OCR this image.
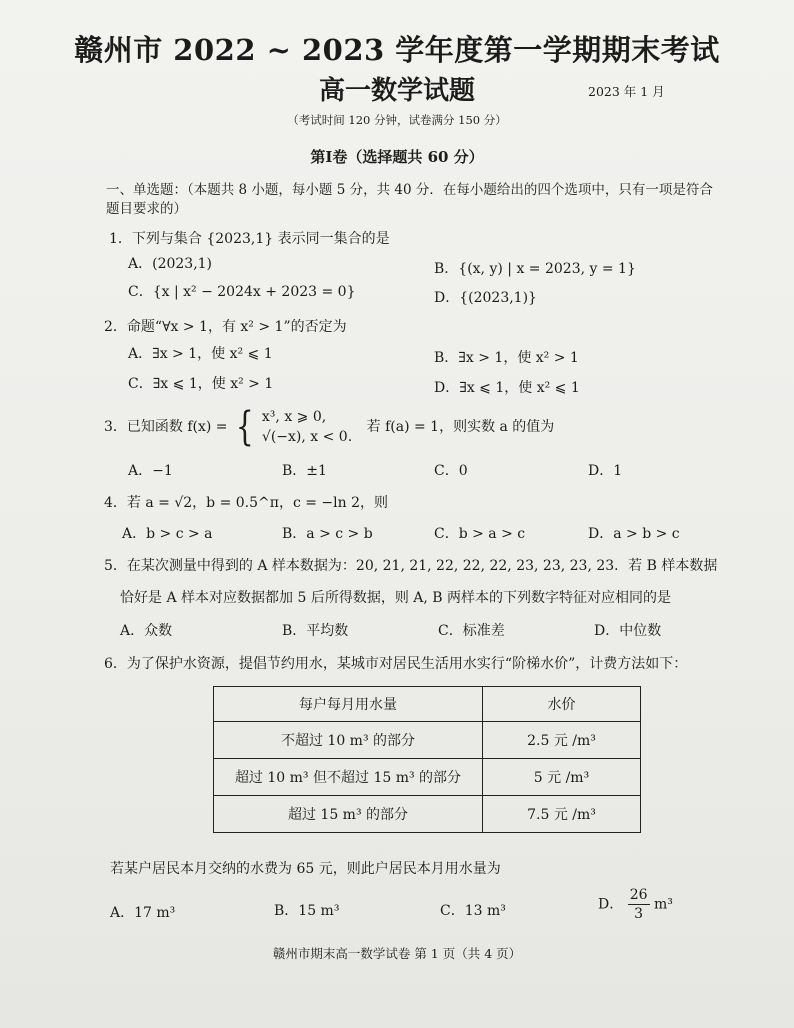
赣州市 2022 ~ 2023 学年度第一学期期末考试
高一数学试题	2023 年 1 月
（考试时间 120 分钟，试卷满分 150 分）
第Ⅰ卷（选择题共 60 分）
一、单选题：（本题共 8 小题，每小题 5 分，共 40 分．在每小题给出的四个选项中，只有一项是符合题目要求的）
1．下列与集合 {2023,1} 表示同一集合的是
A．(2023,1)	B．{(x, y) | x = 2023, y = 1}
C．{x | x² − 2024x + 2023 = 0}	D．{(2023,1)}
2．命题“∀x > 1，有 x² > 1”的否定为
A．∃x > 1，使 x² ⩽ 1	B．∃x > 1，使 x² > 1
C．∃x ⩽ 1，使 x² > 1	D．∃x ⩽ 1，使 x² ⩽ 1
3．已知函数 f(x) = { x³, x ⩾ 0,
√(−x), x < 0.
若 f(a) = 1，则实数 a 的值为
A．−1	B．±1	C．0	D．1
4．若 a = √2，b = 0.5^π，c = −ln 2，则
A．b > c > a	B．a > c > b	C．b > a > c	D．a > b > c
5．在某次测量中得到的 A 样本数据为：20, 21, 21, 22, 22, 22, 23, 23, 23, 23．若 B 样本数据
恰好是 A 样本对应数据都加 5 后所得数据，则 A, B 两样本的下列数字特征对应相同的是
A．众数	B．平均数	C．标准差	D．中位数
6．为了保护水资源，提倡节约用水，某城市对居民生活用水实行“阶梯水价”，计费方法如下：
每户每月用水量	水价
不超过 10 m³ 的部分	2.5 元 /m³
超过 10 m³ 但不超过 15 m³ 的部分	5 元 /m³
超过 15 m³ 的部分	7.5 元 /m³
若某户居民本月交纳的水费为 65 元，则此户居民本月用水量为
A．17 m³	B．15 m³	C．13 m³	D． $\frac{26}{3} m^3$
赣州市期末高一数学试卷 第 1 页（共 4 页）
